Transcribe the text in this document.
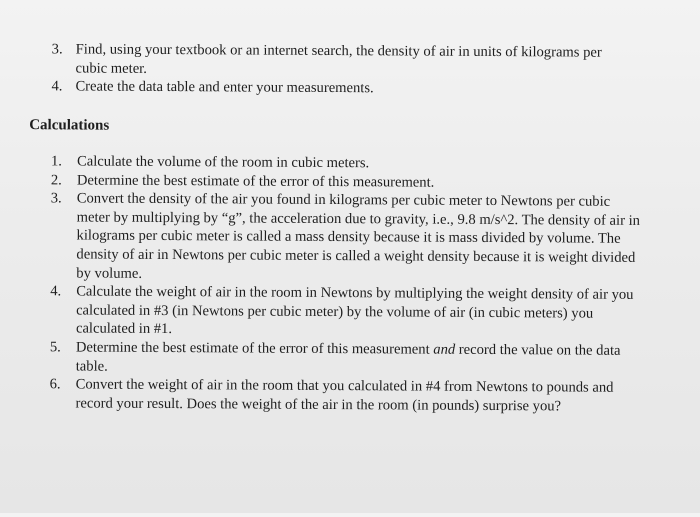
3. Find, using your textbook or an internet search, the density of air in units of kilograms per cubic meter.
4. Create the data table and enter your measurements.
Calculations
1. Calculate the volume of the room in cubic meters.
2. Determine the best estimate of the error of this measurement.
3. Convert the density of the air you found in kilograms per cubic meter to Newtons per cubic meter by multiplying by “g”, the acceleration due to gravity, i.e., 9.8 m/s^2. The density of air in kilograms per cubic meter is called a mass density because it is mass divided by volume. The density of air in Newtons per cubic meter is called a weight density because it is weight divided by volume.
4. Calculate the weight of air in the room in Newtons by multiplying the weight density of air you calculated in #3 (in Newtons per cubic meter) by the volume of air (in cubic meters) you calculated in #1.
5. Determine the best estimate of the error of this measurement and record the value on the data table.
6. Convert the weight of air in the room that you calculated in #4 from Newtons to pounds and record your result. Does the weight of the air in the room (in pounds) surprise you?
